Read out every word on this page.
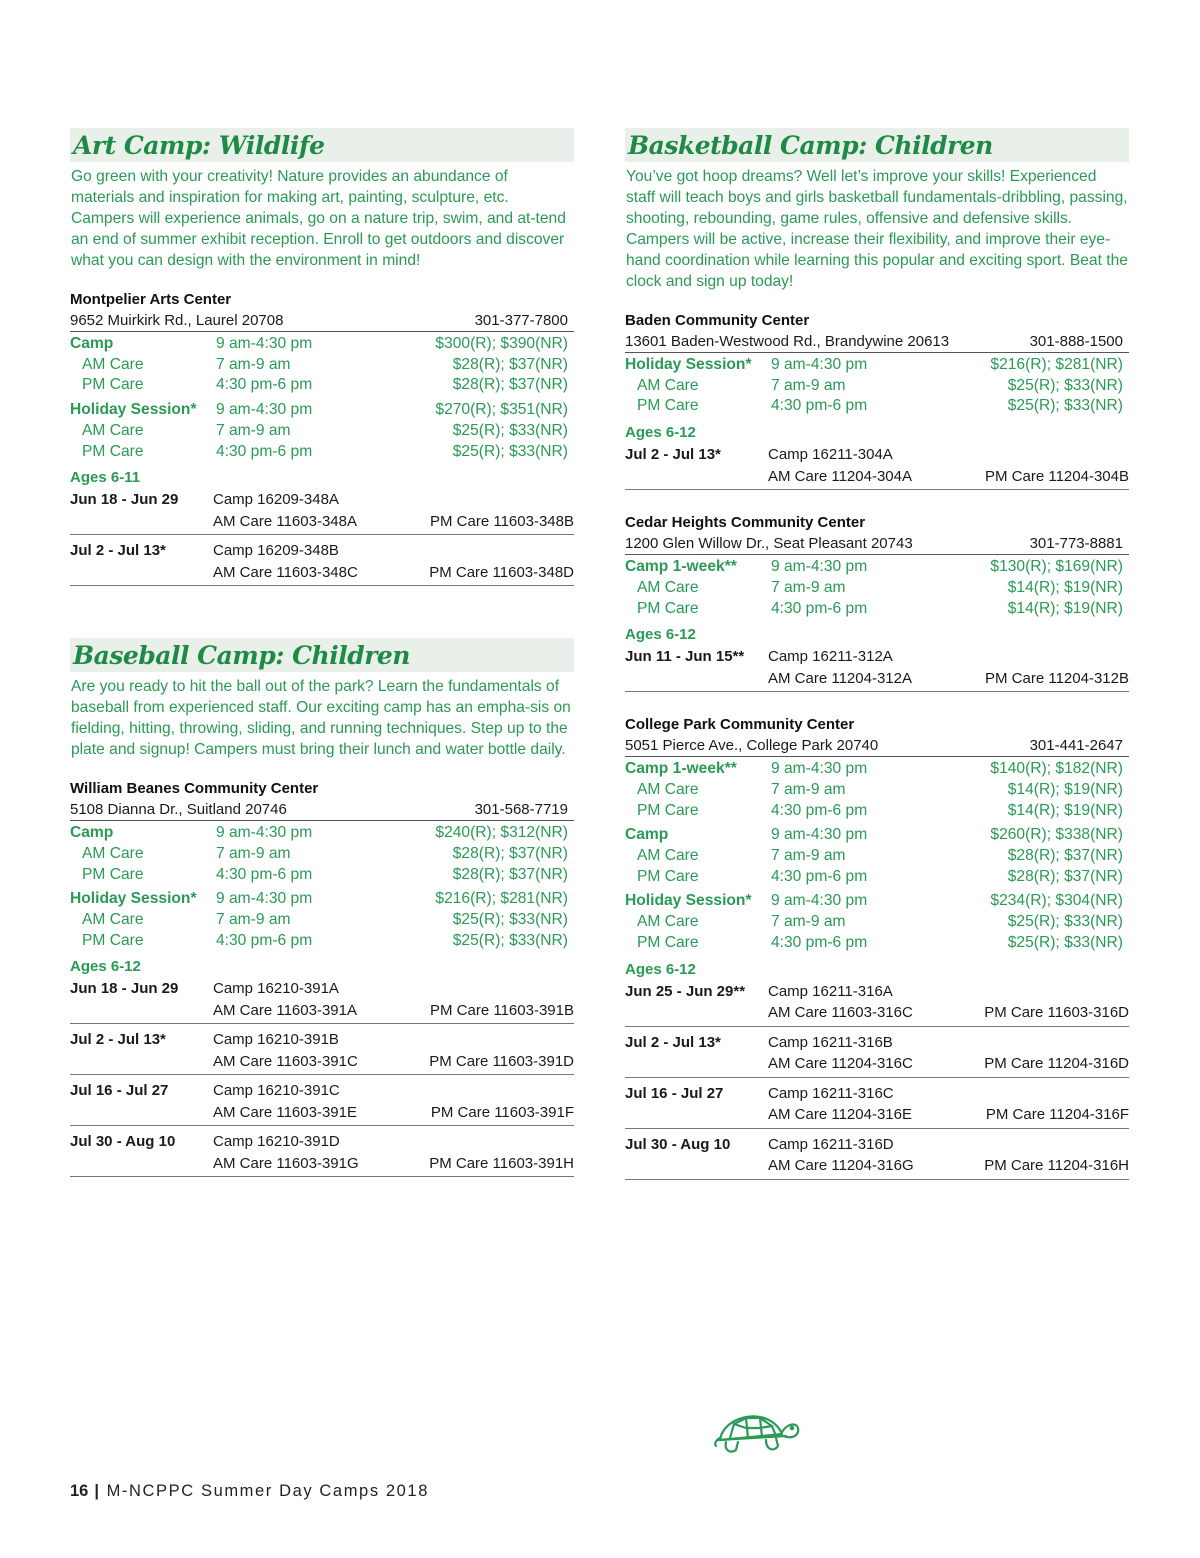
Art Camp: Wildlife
Go green with your creativity! Nature provides an abundance of materials and inspiration for making art, painting, sculpture, etc. Campers will experience animals, go on a nature trip, swim, and at-tend an end of summer exhibit reception. Enroll to get outdoors and discover what you can design with the environment in mind!
Montpelier Arts Center
9652 Muirkirk Rd., Laurel 20708	301-377-7800
Camp	9 am-4:30 pm	$300(R); $390(NR)
AM Care	7 am-9 am	$28(R); $37(NR)
PM Care	4:30 pm-6 pm	$28(R); $37(NR)
Holiday Session*	9 am-4:30 pm	$270(R); $351(NR)
AM Care	7 am-9 am	$25(R); $33(NR)
PM Care	4:30 pm-6 pm	$25(R); $33(NR)
Ages 6-11
Jun 18 - Jun 29	Camp 16209-348A
AM Care 11603-348A	PM Care 11603-348B
Jul 2 - Jul 13*	Camp 16209-348B
AM Care 11603-348C	PM Care 11603-348D
Baseball Camp: Children
Are you ready to hit the ball out of the park? Learn the fundamentals of baseball from experienced staff. Our exciting camp has an empha-sis on fielding, hitting, throwing, sliding, and running techniques. Step up to the plate and signup! Campers must bring their lunch and water bottle daily.
William Beanes Community Center
5108 Dianna Dr., Suitland 20746	301-568-7719
Camp	9 am-4:30 pm	$240(R); $312(NR)
AM Care	7 am-9 am	$28(R); $37(NR)
PM Care	4:30 pm-6 pm	$28(R); $37(NR)
Holiday Session*	9 am-4:30 pm	$216(R); $281(NR)
AM Care	7 am-9 am	$25(R); $33(NR)
PM Care	4:30 pm-6 pm	$25(R); $33(NR)
Ages 6-12
Jun 18 - Jun 29	Camp 16210-391A
AM Care 11603-391A	PM Care 11603-391B
Jul 2 - Jul 13*	Camp 16210-391B
AM Care 11603-391C	PM Care 11603-391D
Jul 16 - Jul 27	Camp 16210-391C
AM Care 11603-391E	PM Care 11603-391F
Jul 30 - Aug 10	Camp 16210-391D
AM Care 11603-391G	PM Care 11603-391H
Basketball Camp: Children
You’ve got hoop dreams? Well let’s improve your skills! Experienced staff will teach boys and girls basketball fundamentals-dribbling, passing, shooting, rebounding, game rules, offensive and defensive skills. Campers will be active, increase their flexibility, and improve their eye-hand coordination while learning this popular and exciting sport. Beat the clock and sign up today!
Baden Community Center
13601 Baden-Westwood Rd., Brandywine 20613	301-888-1500
Holiday Session*	9 am-4:30 pm	$216(R); $281(NR)
AM Care	7 am-9 am	$25(R); $33(NR)
PM Care	4:30 pm-6 pm	$25(R); $33(NR)
Ages 6-12
Jul 2 - Jul 13*	Camp 16211-304A
AM Care 11204-304A	PM Care 11204-304B
Cedar Heights Community Center
1200 Glen Willow Dr., Seat Pleasant 20743	301-773-8881
Camp 1-week**	9 am-4:30 pm	$130(R); $169(NR)
AM Care	7 am-9 am	$14(R); $19(NR)
PM Care	4:30 pm-6 pm	$14(R); $19(NR)
Ages 6-12
Jun 11 - Jun 15**	Camp 16211-312A
AM Care 11204-312A	PM Care 11204-312B
College Park Community Center
5051 Pierce Ave., College Park 20740	301-441-2647
Camp 1-week**	9 am-4:30 pm	$140(R); $182(NR)
AM Care	7 am-9 am	$14(R); $19(NR)
PM Care	4:30 pm-6 pm	$14(R); $19(NR)
Camp	9 am-4:30 pm	$260(R); $338(NR)
AM Care	7 am-9 am	$28(R); $37(NR)
PM Care	4:30 pm-6 pm	$28(R); $37(NR)
Holiday Session*	9 am-4:30 pm	$234(R); $304(NR)
AM Care	7 am-9 am	$25(R); $33(NR)
PM Care	4:30 pm-6 pm	$25(R); $33(NR)
Ages 6-12
Jun 25 - Jun 29**	Camp 16211-316A
AM Care 11603-316C	PM Care 11603-316D
Jul 2 - Jul 13*	Camp 16211-316B
AM Care 11204-316C	PM Care 11204-316D
Jul 16 - Jul 27	Camp 16211-316C
AM Care 11204-316E	PM Care 11204-316F
Jul 30 - Aug 10	Camp 16211-316D
AM Care 11204-316G	PM Care 11204-316H
16 | M-NCPPC Summer Day Camps 2018
